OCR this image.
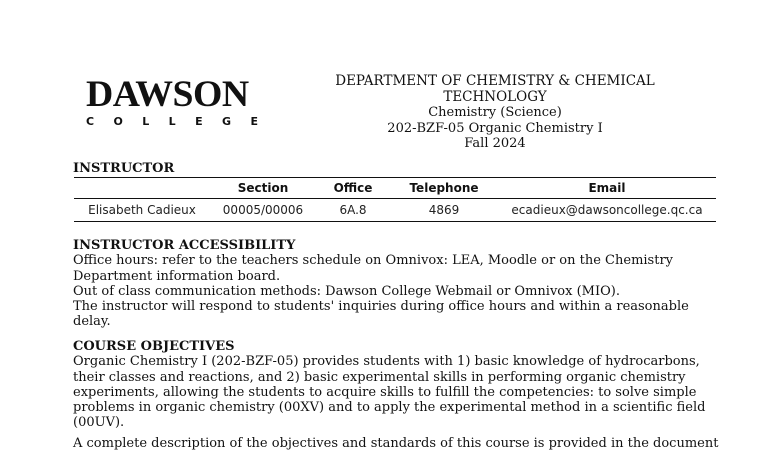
DAWSON
C O L L E G E
DEPARTMENT OF CHEMISTRY & CHEMICAL TECHNOLOGY
Chemistry (Science)
202-BZF-05 Organic Chemistry I
Fall 2024
INSTRUCTOR
	Section	Office	Telephone	Email
Elisabeth Cadieux	00005/00006	6A.8	4869	ecadieux@dawsoncollege.qc.ca

INSTRUCTOR ACCESSIBILITY

Office hours: refer to the teachers schedule on Omnivox: LEA, Moodle or on the Chemistry Department information board.

Out of class communication methods: Dawson College Webmail or Omnivox (MIO).

The instructor will respond to students' inquiries during office hours and within a reasonable delay.

COURSE OBJECTIVES

Organic Chemistry I (202-BZF-05) provides students with 1) basic knowledge of hydrocarbons, their classes and reactions, and 2) basic experimental skills in performing organic chemistry experiments, allowing the students to acquire skills to fulfill the competencies: to solve simple problems in organic chemistry (00XV) and to apply the experimental method in a scientific field (00UV).

A complete description of the objectives and standards of this course is provided in the document
